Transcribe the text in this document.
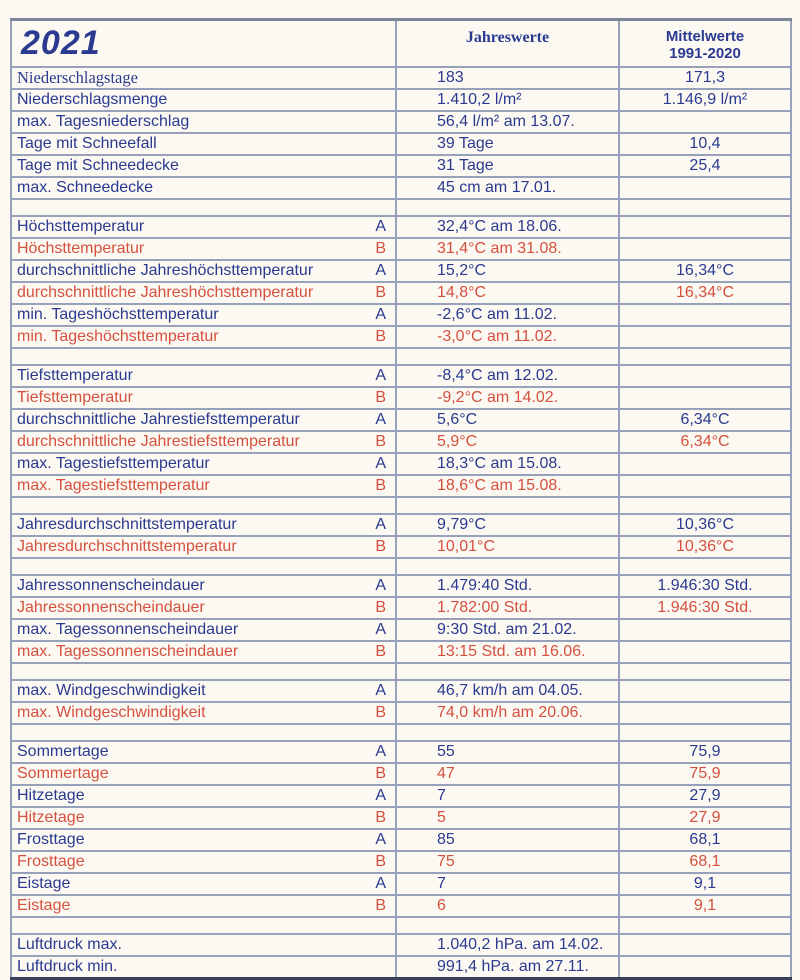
2021	Jahreswerte	Mittelwerte
1991-2020

Niederschlagstage	183	171,3

Niederschlagsmenge	1.410,2 l/m²	1.146,9 l/m²

max. Tagesniederschlag	56,4 l/m² am 13.07.	

Tage mit Schneefall	39 Tage	10,4

Tage mit Schneedecke	31 Tage	25,4

max. Schneedecke	45 cm am 17.01.	

Höchsttemperatur A	32,4°C am 18.06.	

Höchsttemperatur B	31,4°C am 31.08.	

durchschnittliche Jahreshöchsttemperatur A	15,2°C	16,34°C

durchschnittliche Jahreshöchsttemperatur B	14,8°C	16,34°C

min. Tageshöchsttemperatur A	-2,6°C am 11.02.	

min. Tageshöchsttemperatur B	-3,0°C am 11.02.	

Tiefsttemperatur A	-8,4°C am 12.02.	

Tiefsttemperatur B	-9,2°C am 14.02.	

durchschnittliche Jahrestiefsttemperatur A	5,6°C	6,34°C

durchschnittliche Jahrestiefsttemperatur B	5,9°C	6,34°C

max. Tagestiefsttemperatur A	18,3°C am 15.08.	

max. Tagestiefsttemperatur B	18,6°C am 15.08.	

Jahresdurchschnittstemperatur A	9,79°C	10,36°C

Jahresdurchschnittstemperatur B	10,01°C	10,36°C

Jahressonnenscheindauer A	1.479:40 Std.	1.946:30 Std.

Jahressonnenscheindauer B	1.782:00 Std.	1.946:30 Std.

max. Tagessonnenscheindauer A	9:30 Std. am 21.02.	

max. Tagessonnenscheindauer B	13:15 Std. am 16.06.	

max. Windgeschwindigkeit A	46,7 km/h am 04.05.	

max. Windgeschwindigkeit B	74,0 km/h am 20.06.	

Sommertage A	55	75,9

Sommertage B	47	75,9

Hitzetage A	7	27,9

Hitzetage B	5	27,9

Frosttage A	85	68,1

Frosttage B	75	68,1

Eistage A	7	9,1

Eistage B	6	9,1

Luftdruck max.	1.040,2 hPa. am 14.02.	

Luftdruck min.	991,4 hPa. am 27.11.	
